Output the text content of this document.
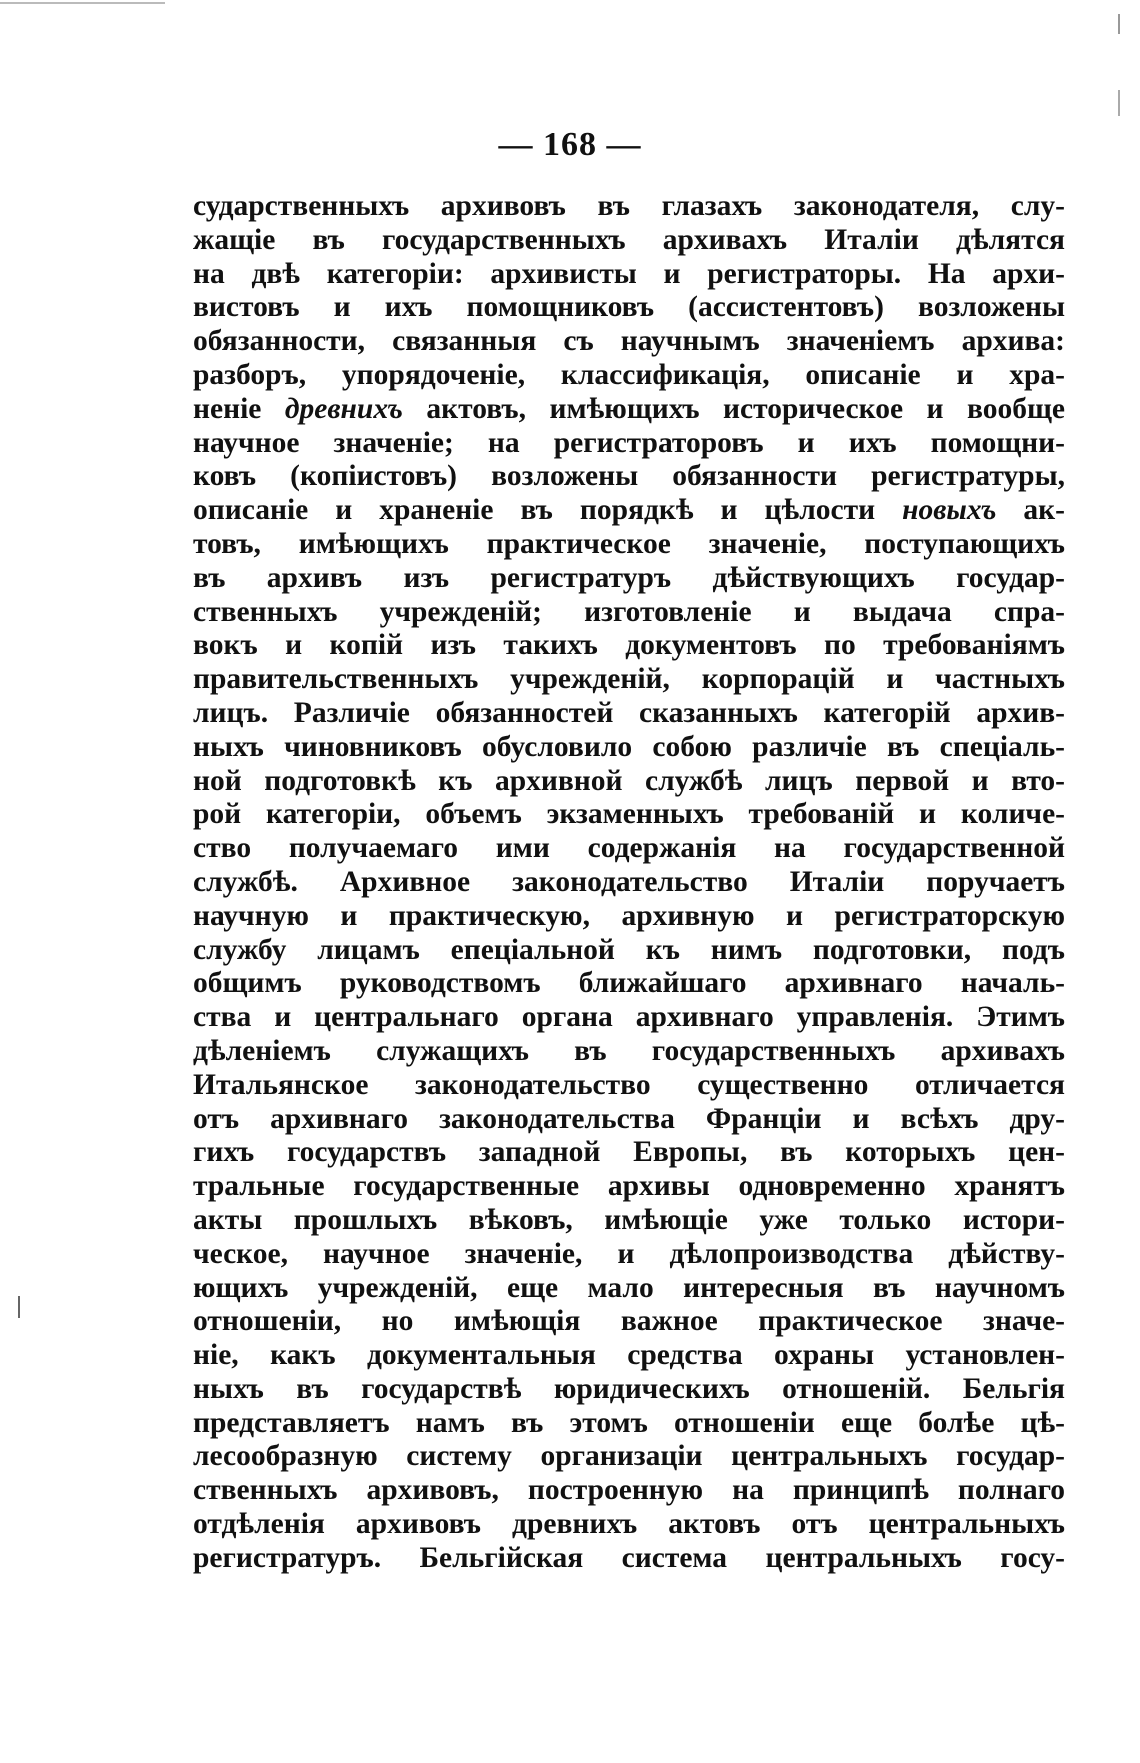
— 168 —
сударственныхъ архивовъ въ глазахъ законодателя, слу-
жащіе въ государственныхъ архивахъ Италіи дѣлятся
на двѣ категоріи: архивисты и регистраторы. На архи-
вистовъ и ихъ помощниковъ (ассистентовъ) возложены
обязанности, связанныя съ научнымъ значеніемъ архива:
разборъ, упорядоченіе, классификація, описаніе и хра-
неніе древнихъ актовъ, имѣющихъ историческое и вообще
научное значеніе; на регистраторовъ и ихъ помощни-
ковъ (копiистовъ) возложены обязанности регистратуры,
описаніе и храненіе въ порядкѣ и цѣлости новыхъ ак-
товъ, имѣющихъ практическое значеніе, поступающихъ
въ архивъ изъ регистратуръ дѣйствующихъ государ-
ственныхъ учрежденій; изготовленіе и выдача спра-
вокъ и копій изъ такихъ документовъ по требованіямъ
правительственныхъ учрежденій, корпорацій и частныхъ
лицъ. Различіе обязанностей сказанныхъ категорій архив-
ныхъ чиновниковъ обусловило собою различіе въ спеціаль-
ной подготовкѣ къ архивной службѣ лицъ первой и вто-
рой категоріи, объемъ экзаменныхъ требованій и количе-
ство получаемаго ими содержанія на государственной
службѣ. Архивное законодательство Италіи поручаетъ
научную и практическую, архивную и регистраторскую
службу лицамъ епеціальной къ нимъ подготовки, подъ
общимъ руководствомъ ближайшаго архивнаго началь-
ства и центральнаго органа архивнаго управленія. Этимъ
дѣленіемъ служащихъ въ государственныхъ архивахъ
Итальянское законодательство существенно отличается
отъ архивнаго законодательства Франціи и всѣхъ дру-
гихъ государствъ западной Европы, въ которыхъ цен-
тральные государственные архивы одновременно хранятъ
акты прошлыхъ вѣковъ, имѣющіе уже только истори-
ческое, научное значеніе, и дѣлопроизводства дѣйству-
ющихъ учрежденій, еще мало интересныя въ научномъ
отношеніи, но имѣющія важное практическое значе-
ніе, какъ документальныя средства охраны установлен-
ныхъ въ государствѣ юридическихъ отношеній. Бельгія
представляетъ намъ въ этомъ отношеніи еще болѣе цѣ-
лесообразную систему организаціи центральныхъ государ-
ственныхъ архивовъ, построенную на принципѣ полнаго
отдѣленія архивовъ древнихъ актовъ отъ центральныхъ
регистратуръ. Бельгійская система центральныхъ госу-
